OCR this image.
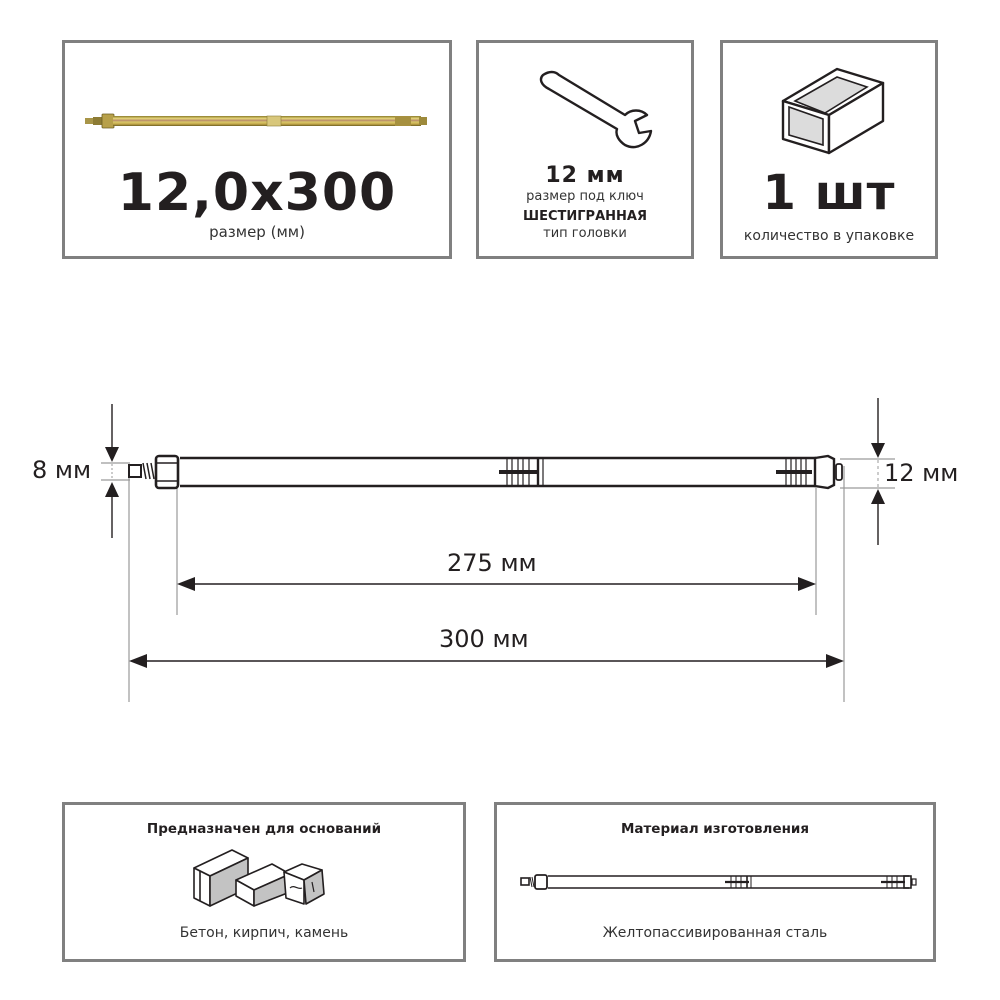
12,0x300
размер (мм)
12 мм
размер под ключ
ШЕСТИГРАННАЯ
тип головки
1 шт
количество в упаковке
8 мм	12 мм
275 мм
300 мм
Предназначен для оснований
Бетон, кирпич, камень
Материал изготовления
Желтопассивированная сталь
